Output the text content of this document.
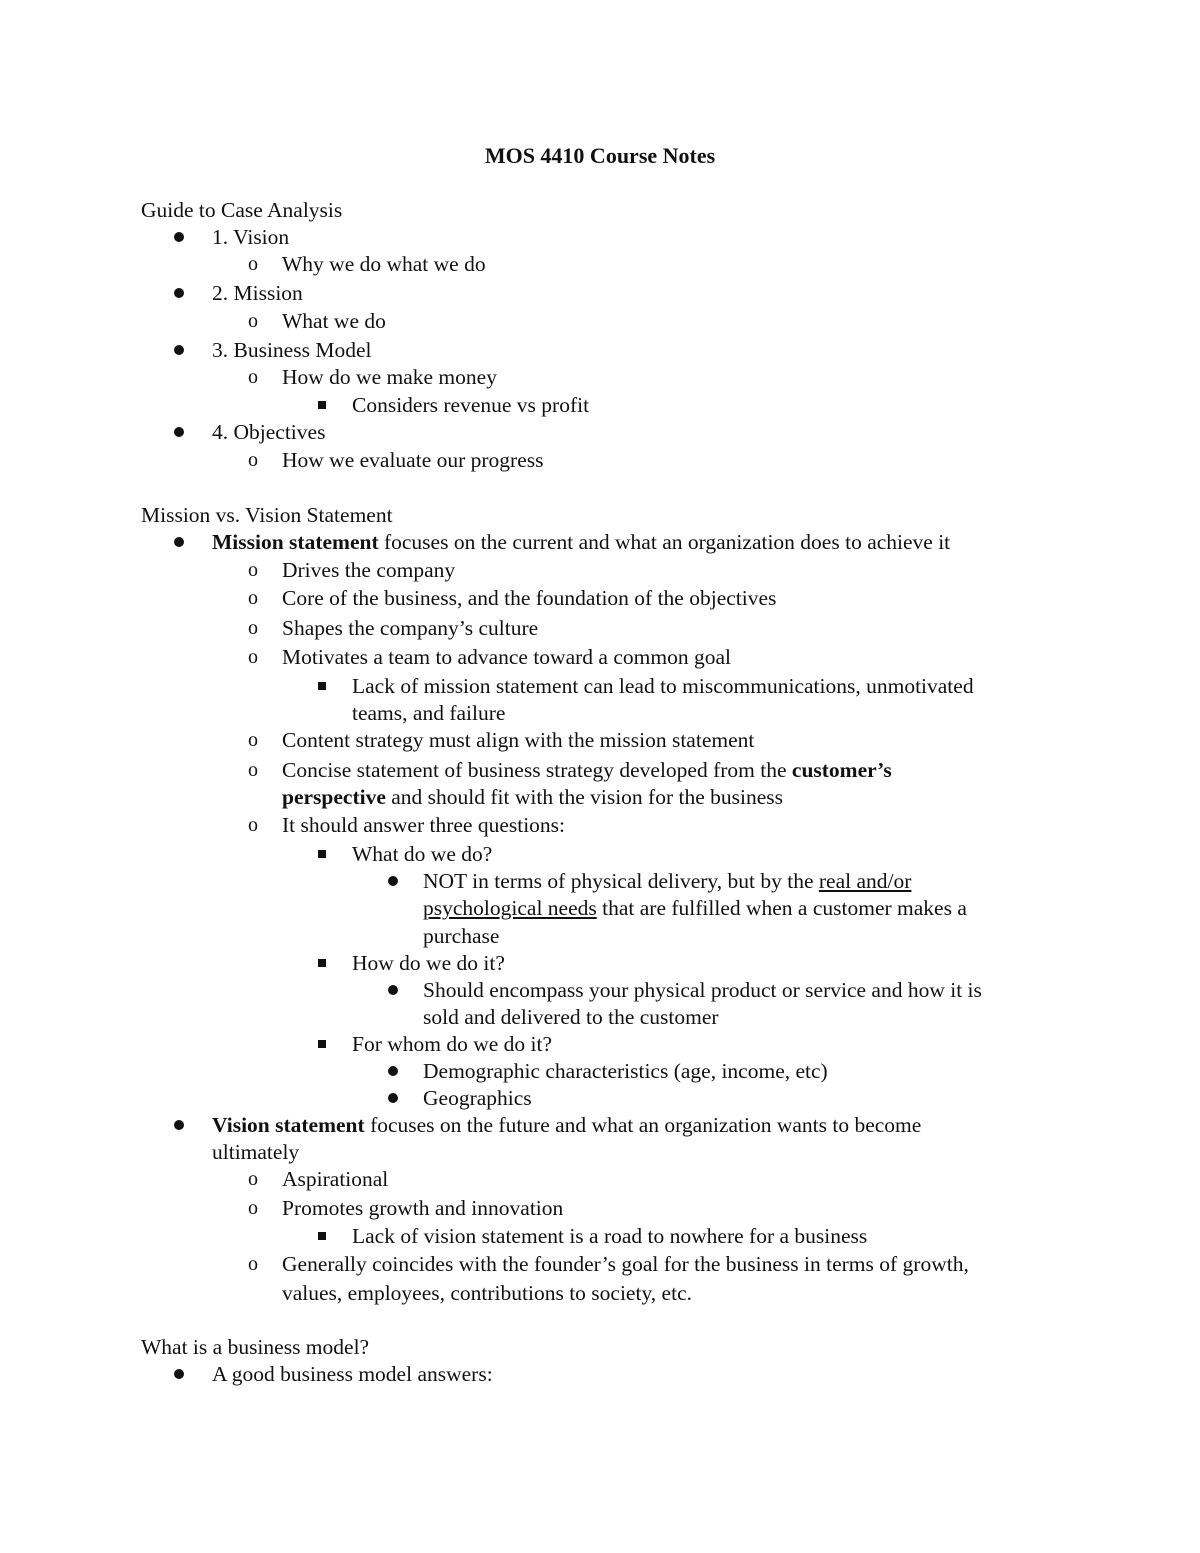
MOS 4410 Course Notes
Guide to Case Analysis
1. Vision
o Why we do what we do
2. Mission
o What we do
3. Business Model
o How do we make money
Considers revenue vs profit
4. Objectives
o How we evaluate our progress
Mission vs. Vision Statement
Mission statement focuses on the current and what an organization does to achieve it
o Drives the company
o Core of the business, and the foundation of the objectives
o Shapes the company’s culture
o Motivates a team to advance toward a common goal
Lack of mission statement can lead to miscommunications, unmotivated
teams, and failure
o Content strategy must align with the mission statement
o Concise statement of business strategy developed from the customer’s
perspective and should fit with the vision for the business
o It should answer three questions:
What do we do?
NOT in terms of physical delivery, but by the real and/or
psychological needs that are fulfilled when a customer makes a
purchase
How do we do it?
Should encompass your physical product or service and how it is
sold and delivered to the customer
For whom do we do it?
Demographic characteristics (age, income, etc)
Geographics
Vision statement focuses on the future and what an organization wants to become
ultimately
o Aspirational
o Promotes growth and innovation
Lack of vision statement is a road to nowhere for a business
o Generally coincides with the founder’s goal for the business in terms of growth,
values, employees, contributions to society, etc.
What is a business model?
A good business model answers:
